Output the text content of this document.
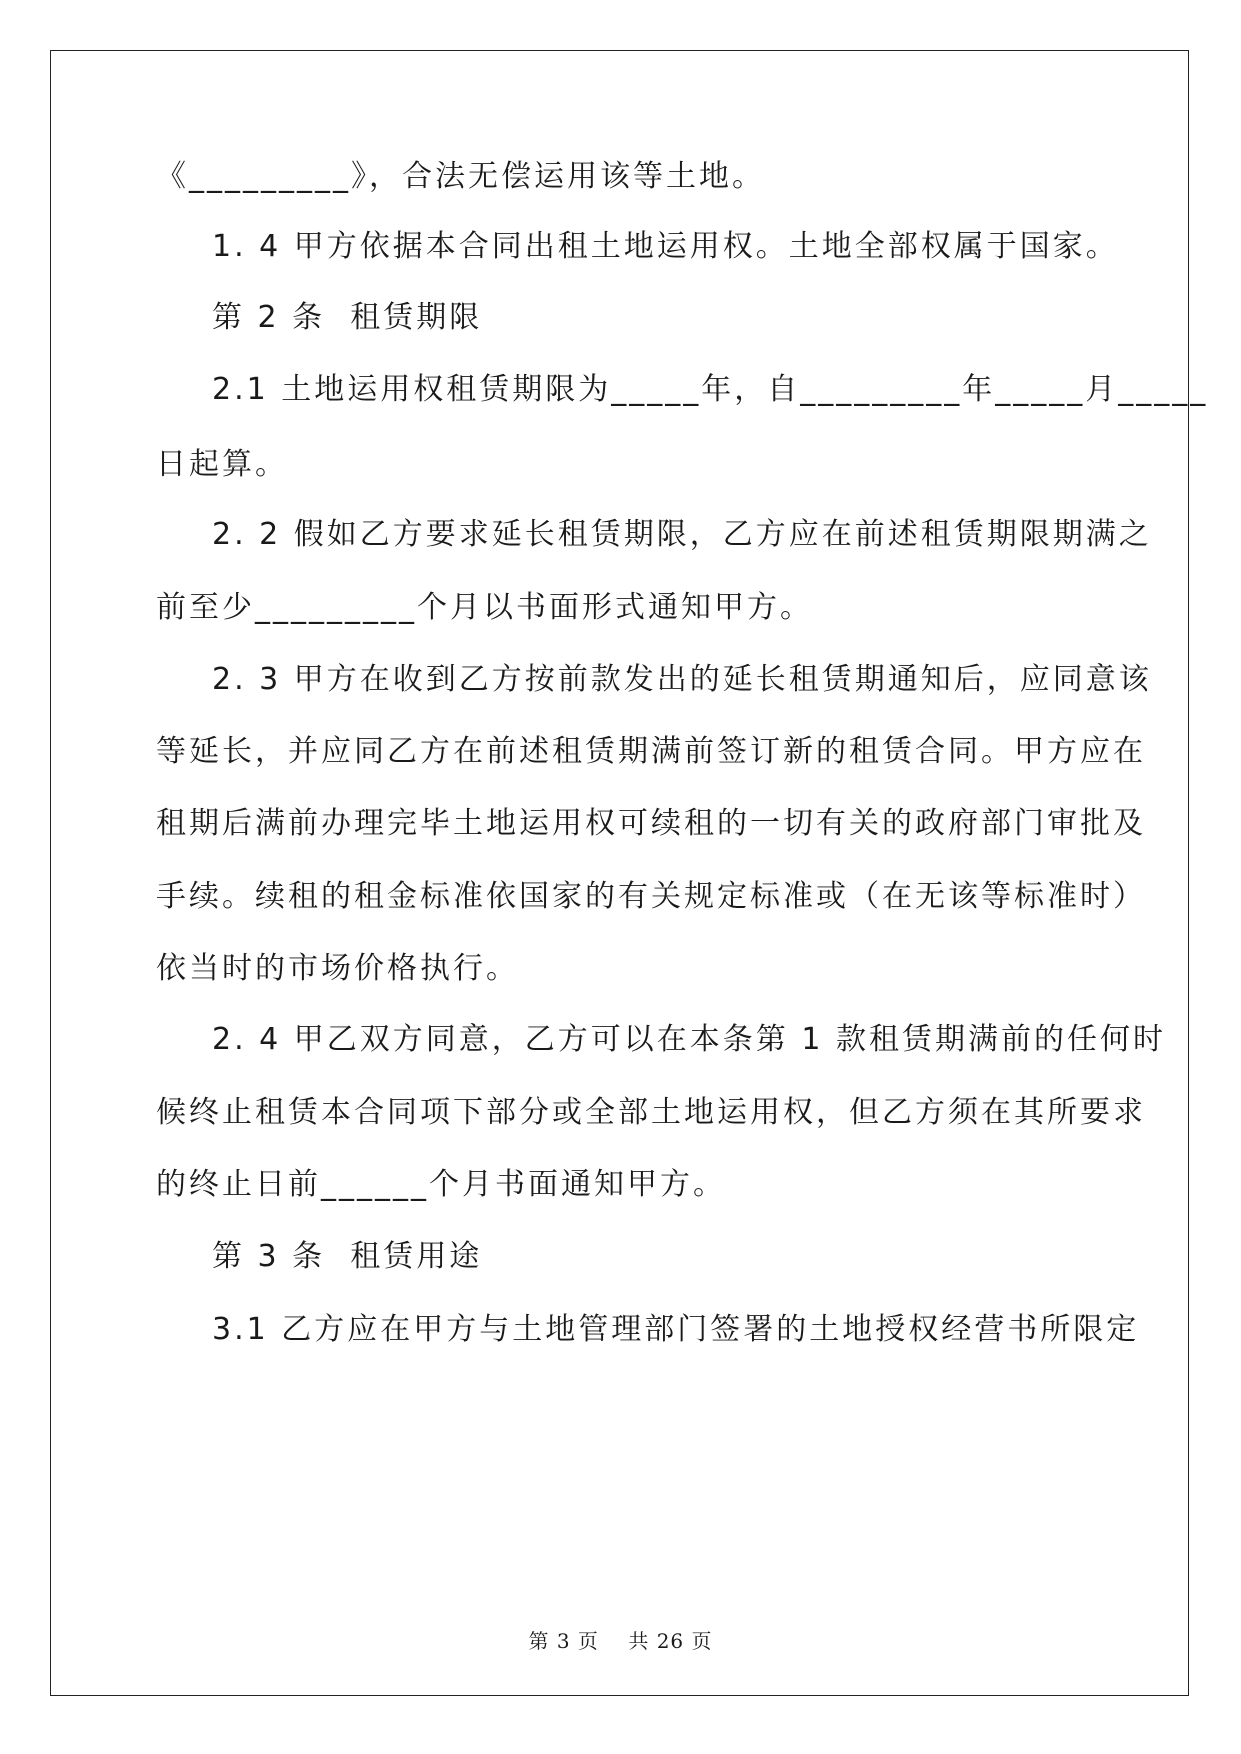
《_________》，合法无偿运用该等土地。
1. 4 甲方依据本合同出租土地运用权。土地全部权属于国家。
第 2 条  租赁期限
2.1 土地运用权租赁期限为_____年，自_________年_____月_____
日起算。
2. 2 假如乙方要求延长租赁期限，乙方应在前述租赁期限期满之
前至少_________个月以书面形式通知甲方。
2. 3 甲方在收到乙方按前款发出的延长租赁期通知后，应同意该
等延长，并应同乙方在前述租赁期满前签订新的租赁合同。甲方应在
租期后满前办理完毕土地运用权可续租的一切有关的政府部门审批及
手续。续租的租金标准依国家的有关规定标准或（在无该等标准时）
依当时的市场价格执行。
2. 4 甲乙双方同意，乙方可以在本条第 1 款租赁期满前的任何时
候终止租赁本合同项下部分或全部土地运用权，但乙方须在其所要求
的终止日前______个月书面通知甲方。
第 3 条  租赁用途
3.1 乙方应在甲方与土地管理部门签署的土地授权经营书所限定
第 3 页    共 26 页
